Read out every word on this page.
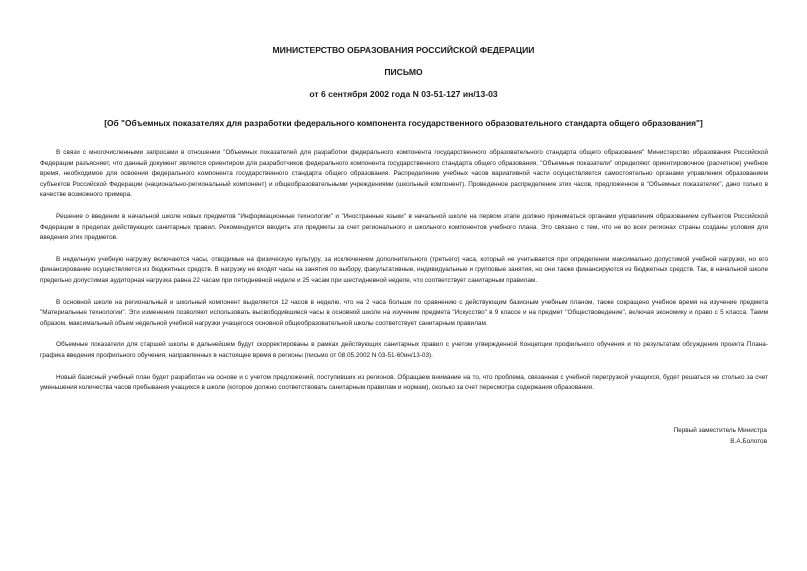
МИНИСТЕРСТВО ОБРАЗОВАНИЯ РОССИЙСКОЙ ФЕДЕРАЦИИ
ПИСЬМО
от 6 сентября 2002 года N 03-51-127 ин/13-03
[Об "Объемных показателях для разработки федерального компонента государственного образовательного стандарта общего образования"]

В связи с многочисленными запросами в отношении "Объемных показателей для разработки федерального компонента государственного образовательного стандарта общего образования" Министерство образования Российской Федерации разъясняет, что данный документ является ориентиром для разработчиков федерального компонента государственного стандарта общего образования. "Объемные показатели" определяют ориентировочное (расчетное) учебное время, необходимое для освоения федерального компонента государственного стандарта общего образования. Распределение учебных часов вариативной части осуществляется самостоятельно органами управления образованием субъектов Российской Федерации (национально-региональный компонент) и общеобразовательными учреждениями (школьный компонент). Проведенное распределение этих часов, предложенное в "Объемных показателях", дано только в качестве возможного примера.

Решение о введении в начальной школе новых предметов "Информационные технологии" и "Иностранные языки" в начальной школе на первом этапе должно приниматься органами управления образованием субъектов Российской Федерации в пределах действующих санитарных правил. Рекомендуется вводить эти предметы за счет регионального и школьного компонентов учебного плана. Это связано с тем, что не во всех регионах страны созданы условия для введения этих предметов.

В недельную учебную нагрузку включаются часы, отводимые на физическую культуру, за исключением дополнительного (третьего) часа, который не учитывается при определении максимально допустимой учебной нагрузки, но его финансирование осуществляется из бюджетных средств. В нагрузку не входят часы на занятия по выбору, факультативные, индивидуальные и групповые занятия, но они также финансируются из бюджетных средств. Так, в начальной школе предельно допустимая аудиторная нагрузка равна 22 часам при пятидневной неделе и 25 часам при шестидневной неделе, что соответствует санитарным правилам.

В основной школе на региональный и школьный компонент выделяется 12 часов в неделю, что на 2 часа больше по сравнению с действующим базисным учебным планом, также сокращено учебное время на изучение предмета "Материальные технологии". Эти изменения позволяют использовать высвободившиеся часы в основной школе на изучение предмета "Искусство" в 9 классе и на предмет "Обществоведение", включая экономику и право с 5 класса. Таким образом, максимальный объем недельной учебной нагрузки учащегося основной общеобразовательной школы соответствует санитарным правилам.

Объемные показатели для старшей школы в дальнейшем будут скорректированы в рамках действующих санитарных правил с учетом утвержденной Концепции профильного обучения и по результатам обсуждения проекта Плана-графика введения профильного обучения, направленных в настоящее время в регионы (письмо от 08.05.2002 N 03-51-60ин/13-03).

Новый базисный учебный план будет разработан на основе и с учетом предложений, поступивших из регионов. Обращаем внимание на то, что проблема, связанная с учебной перегрузкой учащихся, будет решаться не столько за счет уменьшения количества часов пребывания учащихся в школе (которое должно соответствовать санитарным правилам и нормам), сколько за счет пересмотра содержания образования.

Первый заместитель Министра
В.А.Болотов
